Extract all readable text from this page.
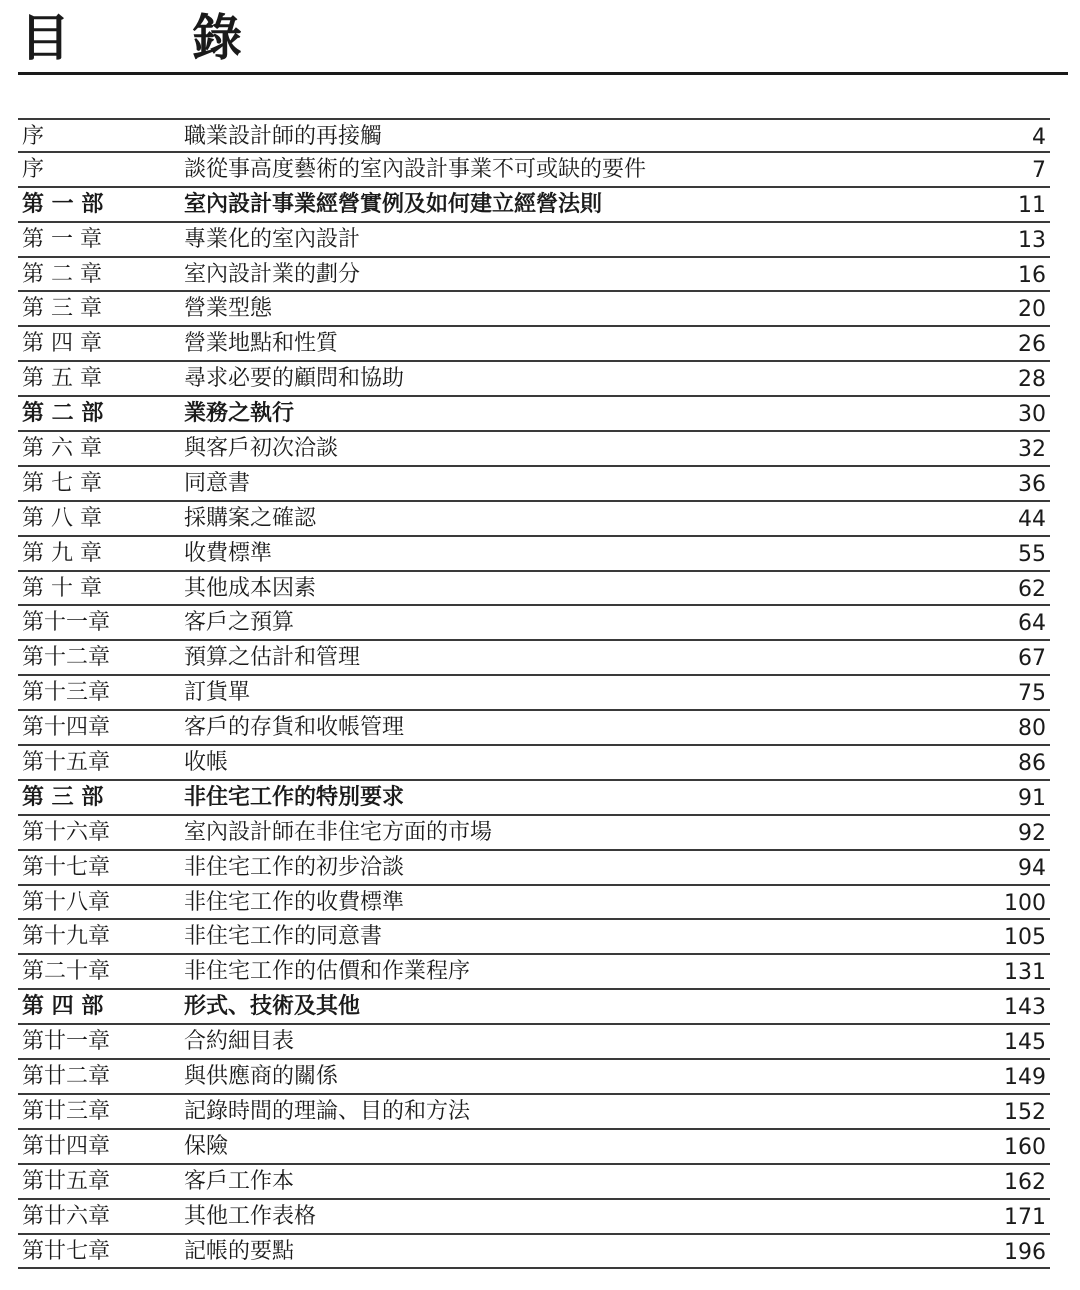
目　錄
序	職業設計師的再接觸	4
序	談從事高度藝術的室內設計事業不可或缺的要件	7
第 一 部	室內設計事業經營實例及如何建立經營法則	11
第 一 章	專業化的室內設計	13
第 二 章	室內設計業的劃分	16
第 三 章	營業型態	20
第 四 章	營業地點和性質	26
第 五 章	尋求必要的顧問和協助	28
第 二 部	業務之執行	30
第 六 章	與客戶初次洽談	32
第 七 章	同意書	36
第 八 章	採購案之確認	44
第 九 章	收費標準	55
第 十 章	其他成本因素	62
第十一章	客戶之預算	64
第十二章	預算之估計和管理	67
第十三章	訂貨單	75
第十四章	客戶的存貨和收帳管理	80
第十五章	收帳	86
第 三 部	非住宅工作的特別要求	91
第十六章	室內設計師在非住宅方面的市場	92
第十七章	非住宅工作的初步洽談	94
第十八章	非住宅工作的收費標準	100
第十九章	非住宅工作的同意書	105
第二十章	非住宅工作的估價和作業程序	131
第 四 部	形式、技術及其他	143
第廿一章	合約細目表	145
第廿二章	與供應商的關係	149
第廿三章	記錄時間的理論、目的和方法	152
第廿四章	保險	160
第廿五章	客戶工作本	162
第廿六章	其他工作表格	171
第廿七章	記帳的要點	196
